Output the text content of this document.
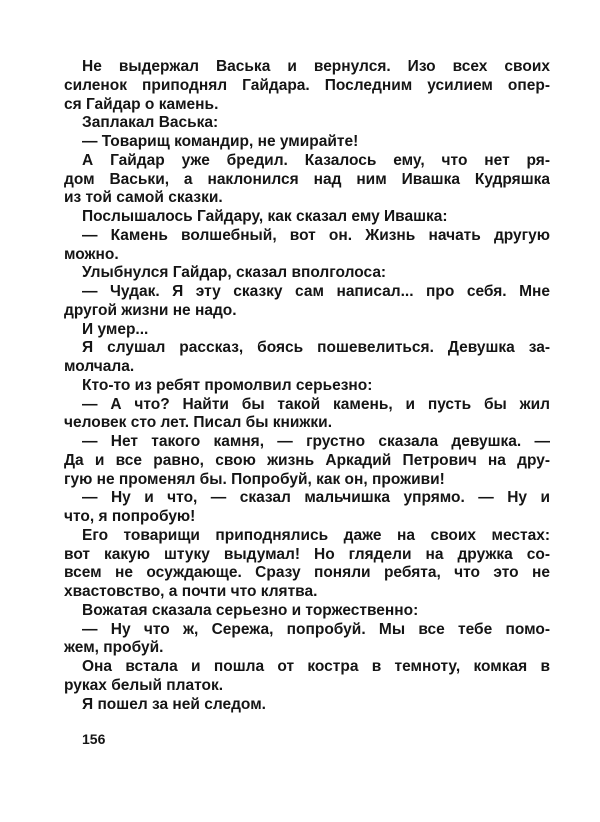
Не выдержал Васька и вернулся. Изо всех своих
силенок приподнял Гайдара. Последним усилием опер-
ся Гайдар о камень.
Заплакал Васька:
— Товарищ командир, не умирайте!
А Гайдар уже бредил. Казалось ему, что нет ря-
дом Васьки, а наклонился над ним Ивашка Кудряшка
из той самой сказки.
Послышалось Гайдару, как сказал ему Ивашка:
— Камень волшебный, вот он. Жизнь начать другую
можно.
Улыбнулся Гайдар, сказал вполголоса:
— Чудак. Я эту сказку сам написал... про себя. Мне
другой жизни не надо.
И умер...
Я слушал рассказ, боясь пошевелиться. Девушка за-
молчала.
Кто-то из ребят промолвил серьезно:
— А что? Найти бы такой камень, и пусть бы жил
человек сто лет. Писал бы книжки.
— Нет такого камня, — грустно сказала девушка. —
Да и все равно, свою жизнь Аркадий Петрович на дру-
гую не променял бы. Попробуй, как он, проживи!
— Ну и что, — сказал мальчишка упрямо. — Ну и
что, я попробую!
Его товарищи приподнялись даже на своих местах:
вот какую штуку выдумал! Но глядели на дружка со-
всем не осуждающе. Сразу поняли ребята, что это не
хвастовство, а почти что клятва.
Вожатая сказала серьезно и торжественно:
— Ну что ж, Сережа, попробуй. Мы все тебе помо-
жем, пробуй.
Она встала и пошла от костра в темноту, комкая в
руках белый платок.
Я пошел за ней следом.
156
